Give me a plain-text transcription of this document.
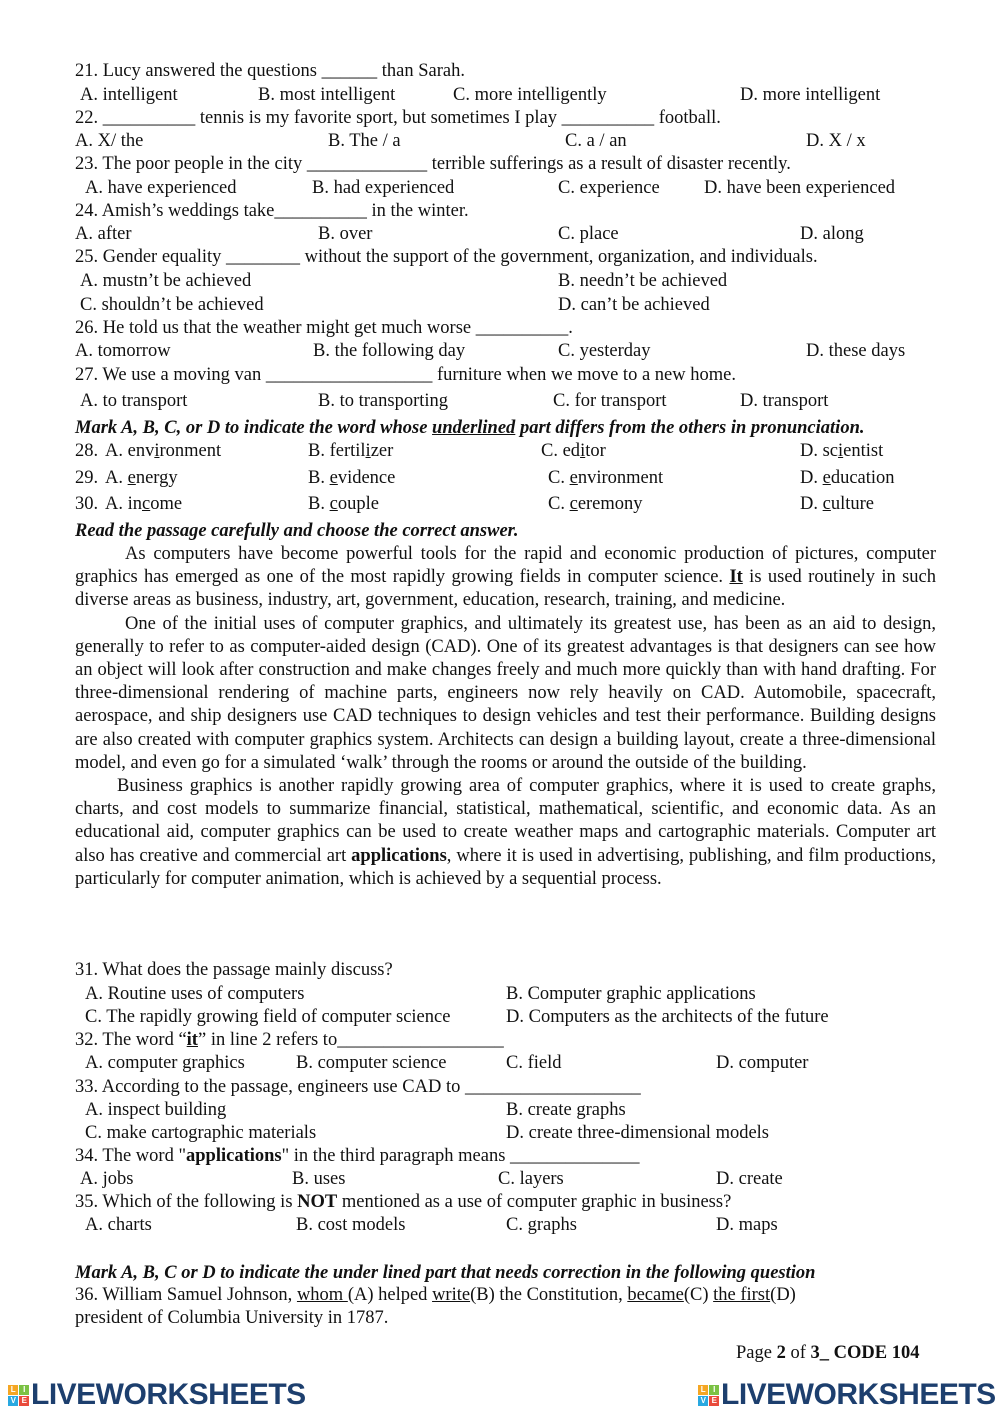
21. Lucy answered the questions ______ than Sarah.
A. intelligent	B. most intelligent	C. more intelligently	D. more intelligent
22. __________ tennis is my favorite sport, but sometimes I play __________ football.
A. X/ the	B. The / a	C. a / an	D. X / x
23. The poor people in the city _____________ terrible sufferings as a result of disaster recently.
A. have experienced	B. had experienced	C. experience D. have been experienced
24. Amish’s weddings take__________ in the winter.
A. after	B. over	C. place	D. along
25. Gender equality ________ without the support of the government, organization, and individuals.
A. mustn’t be achieved	B. needn’t be achieved
C. shouldn’t be achieved	D. can’t be achieved
26. He told us that the weather might get much worse __________.
A. tomorrow	B. the following day	C. yesterday	D. these days
27. We use a moving van __________________ furniture when we move to a new home.
A. to transport	B. to transporting	C. for transport	D. transport
Mark A, B, C, or D to indicate the word whose underlined part differs from the others in pronunciation.
28. A. environment	B. fertilizer	C. editor	D. scientist
29. A. energy	B. evidence	C. environment	D. education
30. A. income	B. couple	C. ceremony	D. culture
Read the passage carefully and choose the correct answer.
31. What does the passage mainly discuss?
A. Routine uses of computers	B. Computer graphic applications
C. The rapidly growing field of computer science	D. Computers as the architects of the future
32. The word “it” in line 2 refers to__________________
A. computer graphics	B. computer science	C. field	D. computer
33. According to the passage, engineers use CAD to ___________________
A. inspect building	B. create graphs
C. make cartographic materials	D. create three-dimensional models
34. The word "applications" in the third paragraph means ______________
A. jobs	B. uses	C. layers	D. create
35. Which of the following is NOT mentioned as a use of computer graphic in business?
A. charts	B. cost models	C. graphs	D. maps
Mark A, B, C or D to indicate the under lined part that needs correction in the following question
36. William Samuel Johnson, whom (A) helped write(B) the Constitution, became(C) the first(D)
president of Columbia University in 1787.

As computers have become powerful tools for the rapid and economic production of pictures, computer graphics has emerged as one of the most rapidly growing fields in computer science. It is used routinely in such diverse areas as business, industry, art, government, education, research, training, and medicine.

One of the initial uses of computer graphics, and ultimately its greatest use, has been as an aid to design, generally to refer to as computer-aided design (CAD). One of its greatest advantages is that designers can see how an object will look after construction and make changes freely and much more quickly than with hand drafting. For three-dimensional rendering of machine parts, engineers now rely heavily on CAD. Automobile, spacecraft, aerospace, and ship designers use CAD techniques to design vehicles and test their performance. Building designs are also created with computer graphics system. Architects can design a building layout, create a three-dimensional model, and even go for a simulated ‘walk’ through the rooms or around the outside of the building.

Business graphics is another rapidly growing area of computer graphics, where it is used to create graphs, charts, and cost models to summarize financial, statistical, mathematical, scientific, and economic data. As an educational aid, computer graphics can be used to create weather maps and cartographic materials. Computer art also has creative and commercial art applications, where it is used in advertising, publishing, and film productions, particularly for computer animation, which is achieved by a sequential process.

Page 2 of 3_ CODE 104
L I
V E LIVEWORKSHEETS	L I
V E LIVEWORKSHEETS
